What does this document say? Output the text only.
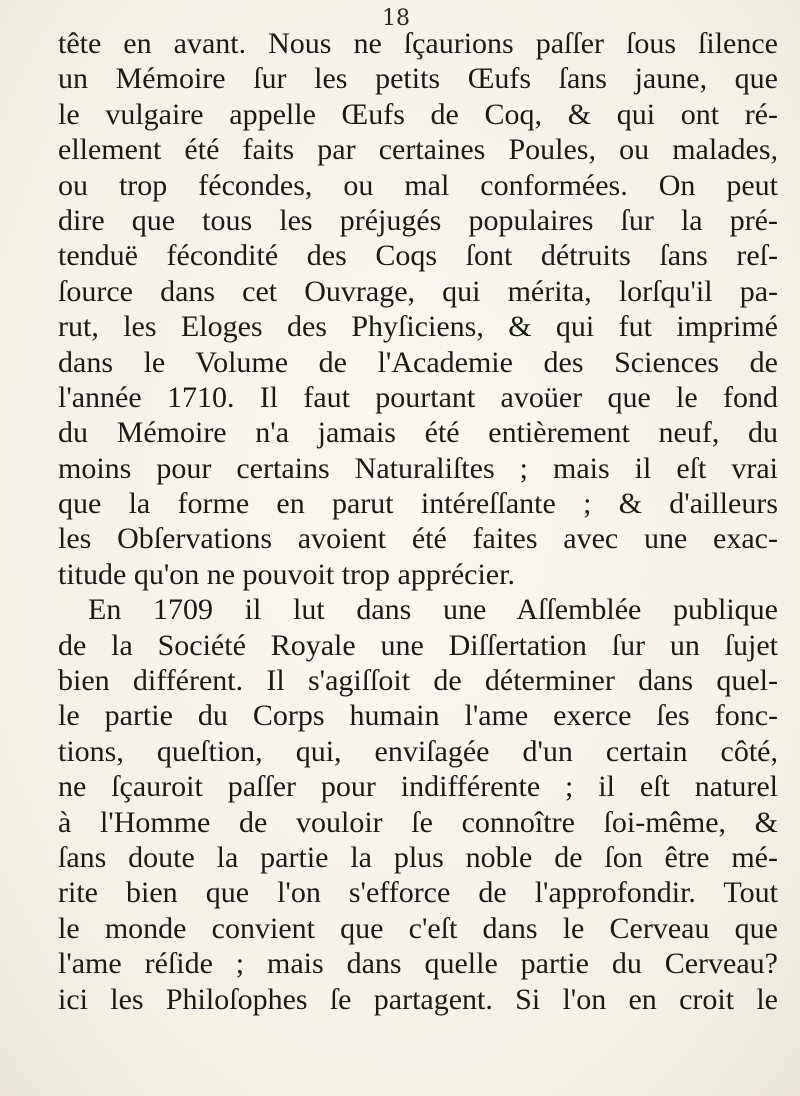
18
tête en avant. Nous ne ſçaurions paſſer ſous ſilence
un Mémoire ſur les petits Œufs ſans jaune, que
le vulgaire appelle Œufs de Coq, & qui ont ré-
ellement été faits par certaines Poules, ou malades,
ou trop fécondes, ou mal conformées. On peut
dire que tous les préjugés populaires ſur la pré-
tenduë fécondité des Coqs ſont détruits ſans reſ-
ſource dans cet Ouvrage, qui mérita, lorſqu'il pa-
rut, les Eloges des Phyſiciens, & qui fut imprimé
dans le Volume de l'Academie des Sciences de
l'année 1710. Il faut pourtant avoüer que le fond
du Mémoire n'a jamais été entièrement neuf, du
moins pour certains Naturaliſtes ; mais il eſt vrai
que la forme en parut intéreſſante ; & d'ailleurs
les Obſervations avoient été faites avec une exac-
titude qu'on ne pouvoit trop apprécier.
En 1709 il lut dans une Aſſemblée publique
de la Société Royale une Diſſertation ſur un ſujet
bien différent. Il s'agiſſoit de déterminer dans quel-
le partie du Corps humain l'ame exerce ſes fonc-
tions, queſtion, qui, enviſagée d'un certain côté,
ne ſçauroit paſſer pour indifférente ; il eſt naturel
à l'Homme de vouloir ſe connoître ſoi-même, &
ſans doute la partie la plus noble de ſon être mé-
rite bien que l'on s'efforce de l'approfondir. Tout
le monde convient que c'eſt dans le Cerveau que
l'ame réſide ; mais dans quelle partie du Cerveau?
ici les Philoſophes ſe partagent. Si l'on en croit le
